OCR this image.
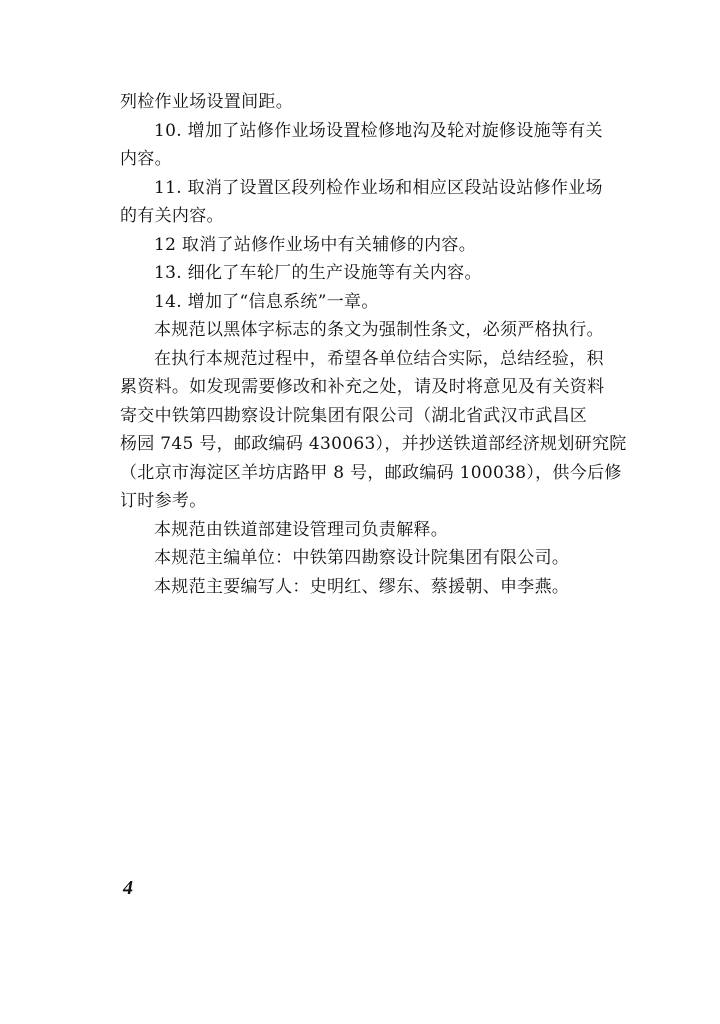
列检作业场设置间距。
10. 增加了站修作业场设置检修地沟及轮对旋修设施等有关
内容。
11. 取消了设置区段列检作业场和相应区段站设站修作业场
的有关内容。
12 取消了站修作业场中有关辅修的内容。
13. 细化了车轮厂的生产设施等有关内容。
14. 增加了“信息系统”一章。
本规范以黑体字标志的条文为强制性条文，必须严格执行。
在执行本规范过程中，希望各单位结合实际，总结经验，积
累资料。如发现需要修改和补充之处，请及时将意见及有关资料
寄交中铁第四勘察设计院集团有限公司（湖北省武汉市武昌区
杨园 745 号，邮政编码 430063），并抄送铁道部经济规划研究院
（北京市海淀区羊坊店路甲 8 号，邮政编码 100038），供今后修
订时参考。
本规范由铁道部建设管理司负责解释。
本规范主编单位：中铁第四勘察设计院集团有限公司。
本规范主要编写人：史明红、缪东、蔡援朝、申李燕。
4
